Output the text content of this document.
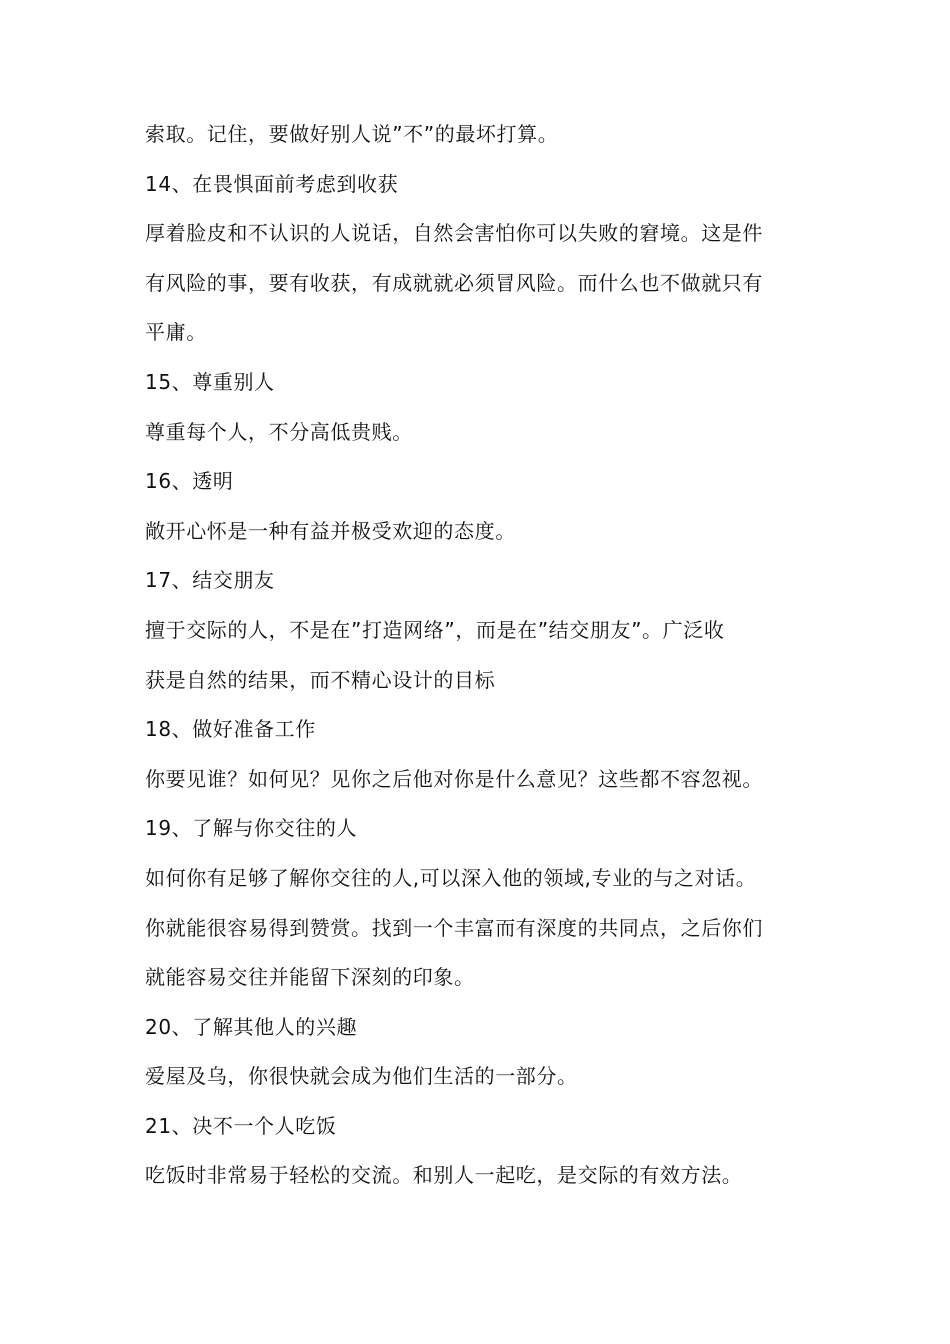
索取。记住，要做好别人说”不”的最坏打算。
14、在畏惧面前考虑到收获
厚着脸皮和不认识的人说话，自然会害怕你可以失败的窘境。这是件
有风险的事，要有收获，有成就就必须冒风险。而什么也不做就只有
平庸。
15、尊重别人
尊重每个人，不分高低贵贱。
16、透明
敞开心怀是一种有益并极受欢迎的态度。
17、结交朋友
擅于交际的人，不是在”打造网络”，而是在”结交朋友”。广泛收
获是自然的结果，而不精心设计的目标
18、做好准备工作
你要见谁？如何见？见你之后他对你是什么意见？这些都不容忽视。
19、了解与你交往的人
如何你有足够了解你交往的人,可以深入他的领域,专业的与之对话。
你就能很容易得到赞赏。找到一个丰富而有深度的共同点，之后你们
就能容易交往并能留下深刻的印象。
20、了解其他人的兴趣
爱屋及乌，你很快就会成为他们生活的一部分。
21、决不一个人吃饭
吃饭时非常易于轻松的交流。和别人一起吃，是交际的有效方法。
